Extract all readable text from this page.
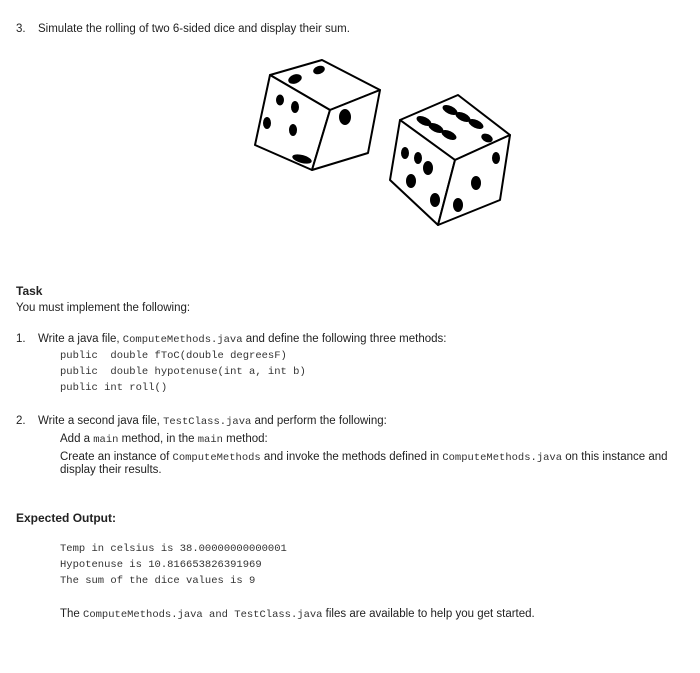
3. Simulate the rolling of two 6-sided dice and display their sum.
Task
You must implement the following:
1. Write a java file, ComputeMethods.java and define the following three methods:
public  double fToC(double degreesF)
public  double hypotenuse(int a, int b)
public int roll()
2. Write a second java file, TestClass.java and perform the following:
Add a main method, in the main method:
Create an instance of ComputeMethods and invoke the methods defined in ComputeMethods.java on this instance and
display their results.
Expected Output:
Temp in celsius is 38.00000000000001
Hypotenuse is 10.816653826391969
The sum of the dice values is 9
The ComputeMethods.java and TestClass.java files are available to help you get started.
